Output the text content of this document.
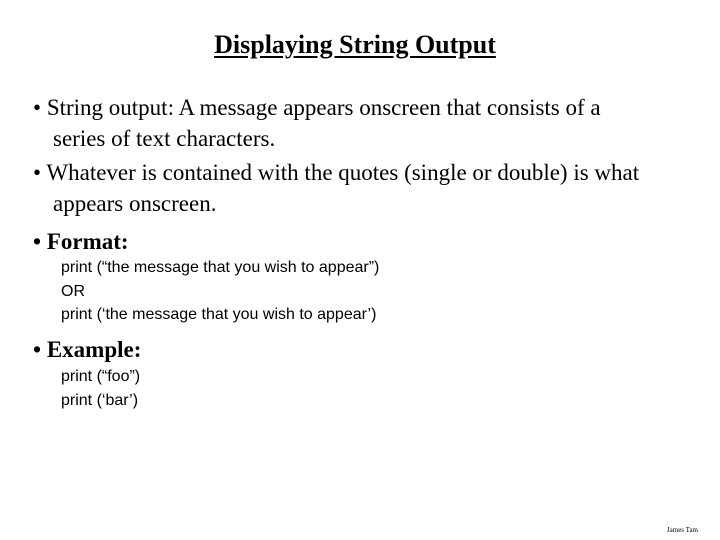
Displaying String Output
• String output: A message appears onscreen that consists of a
series of text characters.
• Whatever is contained with the quotes (single or double) is what
appears onscreen.
• Format:
print (“the message that you wish to appear”)
OR
print (‘the message that you wish to appear’)
• Example:
print (“foo”)
print (‘bar’)
James Tam
